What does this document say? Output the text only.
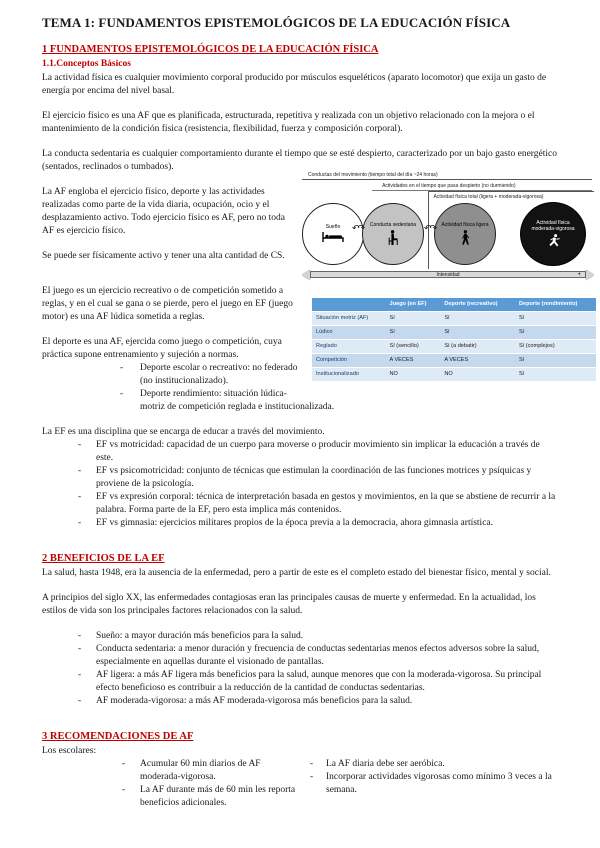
TEMA 1: FUNDAMENTOS EPISTEMOLÓGICOS DE LA EDUCACIÓN FÍSICA
1 FUNDAMENTOS EPISTEMOLÓGICOS DE LA EDUCACIÓN FÍSICA
1.1.Conceptos Básicos

La actividad física es cualquier movimiento corporal producido por músculos esqueléticos (aparato locomotor) que exija un gasto de energía por encima del nivel basal.

El ejercicio físico es una AF que es planificada, estructurada, repetitiva y realizada con un objetivo relacionado con la mejora o el mantenimiento de la condición física (resistencia, flexibilidad, fuerza y composición corporal).

La conducta sedentaria es cualquier comportamiento durante el tiempo que se esté despierto, caracterizado por un bajo gasto energético (sentados, reclinados o tumbados).

Conductas del movimiento (tiempo total del día ~24 horas)
Actividades en el tiempo que pasa despierto (no durmiendo)
Actividad física total (ligera + moderada-vigorosa)
Sueño	Conducta sedentaria	Actividad física ligera	Actividad física moderada-vigorosa
↶↷	↶↷
Intensidad	+

La AF engloba el ejercicio físico, deporte y las actividades realizadas como parte de la vida diaria, ocupación, ocio y el desplazamiento activo. Todo ejercicio físico es AF, pero no toda AF es ejercicio físico.

Se puede ser físicamente activo y tener una alta cantidad de CS.

	Juego (en EF)	Deporte (recreativo)	Deporte (rendimiento)
Situación motriz (AF)	Sí	Sí	Sí
Lúdico	Sí	Sí	Sí
Reglado	Sí (sencillo)	Sí (a debatir)	Sí (complejos)
Competición	A VECES	A VECES	Sí
Institucionalizado	NO	NO	Sí

El juego es un ejercicio recreativo o de competición sometido a reglas, y en el cual se gana o se pierde, pero el juego en EF (juego motor) es una AF lúdica sometida a reglas.

El deporte es una AF, ejercida como juego o competición, cuya práctica supone entrenamiento y sujeción a normas.

- Deporte escolar o recreativo: no federado (no institucionalizado).
- Deporte rendimiento: situación lúdica-motriz de competición reglada e institucionalizada.

La EF es una disciplina que se encarga de educar a través del movimiento.

- EF vs motricidad: capacidad de un cuerpo para moverse o producir movimiento sin implicar la educación a través de este.
- EF vs psicomotricidad: conjunto de técnicas que estimulan la coordinación de las funciones motrices y psíquicas y proviene de la psicología.
- EF vs expresión corporal: técnica de interpretación basada en gestos y movimientos, en la que se abstiene de recurrir a la palabra. Forma parte de la EF, pero esta implica más contenidos.
- EF vs gimnasia: ejercicios militares propios de la época previa a la democracia, ahora gimnasia artística.
2 BENEFICIOS DE LA EF

La salud, hasta 1948, era la ausencia de la enfermedad, pero a partir de este es el completo estado del bienestar físico, mental y social.

A principios del siglo XX, las enfermedades contagiosas eran las principales causas de muerte y enfermedad. En la actualidad, los estilos de vida son los principales factores relacionados con la salud.

- Sueño: a mayor duración más beneficios para la salud.
- Conducta sedentaria: a menor duración y frecuencia de conductas sedentarias menos efectos adversos sobre la salud, especialmente en aquellas durante el visionado de pantallas.
- AF ligera: a más AF ligera más beneficios para la salud, aunque menores que con la moderada-vigorosa. Su principal efecto beneficioso es contribuir a la reducción de la cantidad de conductas sedentarias.
- AF moderada-vigorosa: a más AF moderada-vigorosa más beneficios para la salud.
3 RECOMENDACIONES DE AF

Los escolares:

- Acumular 60 min diarios de AF moderada-vigorosa.
- La AF durante más de 60 min les reporta beneficios adicionales.
- La AF diaria debe ser aeróbica.
- Incorporar actividades vigorosas como mínimo 3 veces a la semana.
